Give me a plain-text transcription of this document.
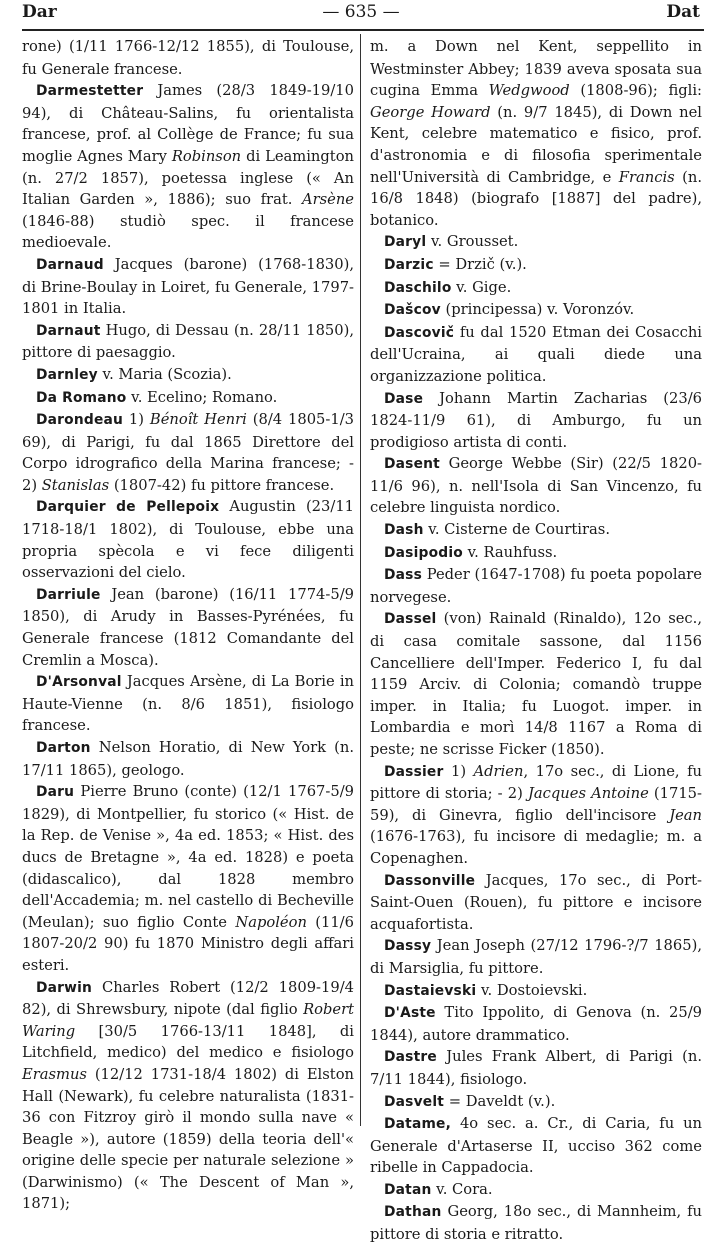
Dar	— 635 —	Dat

rone) (1/11 1766-12/12 1855), di Toulouse, fu Generale francese.

Darmestetter James (28/3 1849-19/10 94), di Château-Salins, fu orientalista francese, prof. al Collège de France; fu sua moglie Agnes Mary Robinson di Leamington (n. 27/2 1857), poetessa inglese (« An Italian Garden », 1886); suo frat. Arsène (1846-88) studiò spec. il francese medioevale.

Darnaud Jacques (barone) (1768-1830), di Brine-Boulay in Loiret, fu Generale, 1797-1801 in Italia.

Darnaut Hugo, di Dessau (n. 28/11 1850), pittore di paesaggio.

Darnley v. Maria (Scozia).

Da Romano v. Ecelino; Romano.

Darondeau 1) Bénoît Henri (8/4 1805-1/3 69), di Parigi, fu dal 1865 Direttore del Corpo idrografico della Marina francese; - 2) Stanislas (1807-42) fu pittore francese.

Darquier de Pellepoix Augustin (23/11 1718-18/1 1802), di Toulouse, ebbe una propria spècola e vi fece diligenti osservazioni del cielo.

Darriule Jean (barone) (16/11 1774-5/9 1850), di Arudy in Basses-Pyrénées, fu Generale francese (1812 Comandante del Cremlin a Mosca).

D'Arsonval Jacques Arsène, di La Borie in Haute-Vienne (n. 8/6 1851), fisiologo francese.

Darton Nelson Horatio, di New York (n. 17/11 1865), geologo.

Daru Pierre Bruno (conte) (12/1 1767-5/9 1829), di Montpellier, fu storico (« Hist. de la Rep. de Venise », 4a ed. 1853; « Hist. des ducs de Bretagne », 4a ed. 1828) e poeta (didascalico), dal 1828 membro dell'Accademia; m. nel castello di Becheville (Meulan); suo figlio Conte Napoléon (11/6 1807-20/2 90) fu 1870 Ministro degli affari esteri.

Darwin Charles Robert (12/2 1809-19/4 82), di Shrewsbury, nipote (dal figlio Robert Waring [30/5 1766-13/11 1848], di Litchfield, medico) del medico e fisiologo Erasmus (12/12 1731-18/4 1802) di Elston Hall (Newark), fu celebre naturalista (1831-36 con Fitzroy girò il mondo sulla nave « Beagle »), autore (1859) della teoria dell'« origine delle specie per naturale selezione » (Darwinismo) (« The Descent of Man », 1871);

m. a Down nel Kent, seppellito in Westminster Abbey; 1839 aveva sposata sua cugina Emma Wedgwood (1808-96); figli: George Howard (n. 9/7 1845), di Down nel Kent, celebre matematico e fisico, prof. d'astronomia e di filosofia sperimentale nell'Università di Cambridge, e Francis (n. 16/8 1848) (biografo [1887] del padre), botanico.

Daryl v. Grousset.

Darzic = Drzič (v.).

Daschilo v. Gige.

Dašcov (principessa) v. Voronzóv.

Dascovič fu dal 1520 Etman dei Cosacchi dell'Ucraina, ai quali diede una organizzazione politica.

Dase Johann Martin Zacharias (23/6 1824-11/9 61), di Amburgo, fu un prodigioso artista di conti.

Dasent George Webbe (Sir) (22/5 1820-11/6 96), n. nell'Isola di San Vincenzo, fu celebre linguista nordico.

Dash v. Cisterne de Courtiras.

Dasipodio v. Rauhfuss.

Dass Peder (1647-1708) fu poeta popolare norvegese.

Dassel (von) Rainald (Rinaldo), 12o sec., di casa comitale sassone, dal 1156 Cancelliere dell'Imper. Federico I, fu dal 1159 Arciv. di Colonia; comandò truppe imper. in Italia; fu Luogot. imper. in Lombardia e morì 14/8 1167 a Roma di peste; ne scrisse Ficker (1850).

Dassier 1) Adrien, 17o sec., di Lione, fu pittore di storia; - 2) Jacques Antoine (1715-59), di Ginevra, figlio dell'incisore Jean (1676-1763), fu incisore di medaglie; m. a Copenaghen.

Dassonville Jacques, 17o sec., di Port-Saint-Ouen (Rouen), fu pittore e incisore acquafortista.

Dassy Jean Joseph (27/12 1796-?/7 1865), di Marsiglia, fu pittore.

Dastaievski v. Dostoievski.

D'Aste Tito Ippolito, di Genova (n. 25/9 1844), autore drammatico.

Dastre Jules Frank Albert, di Parigi (n. 7/11 1844), fisiologo.

Dasvelt = Daveldt (v.).

Datame, 4o sec. a. Cr., di Caria, fu un Generale d'Artaserse II, ucciso 362 come ribelle in Cappadocia.

Datan v. Cora.

Dathan Georg, 18o sec., di Mannheim, fu pittore di storia e ritratto.
